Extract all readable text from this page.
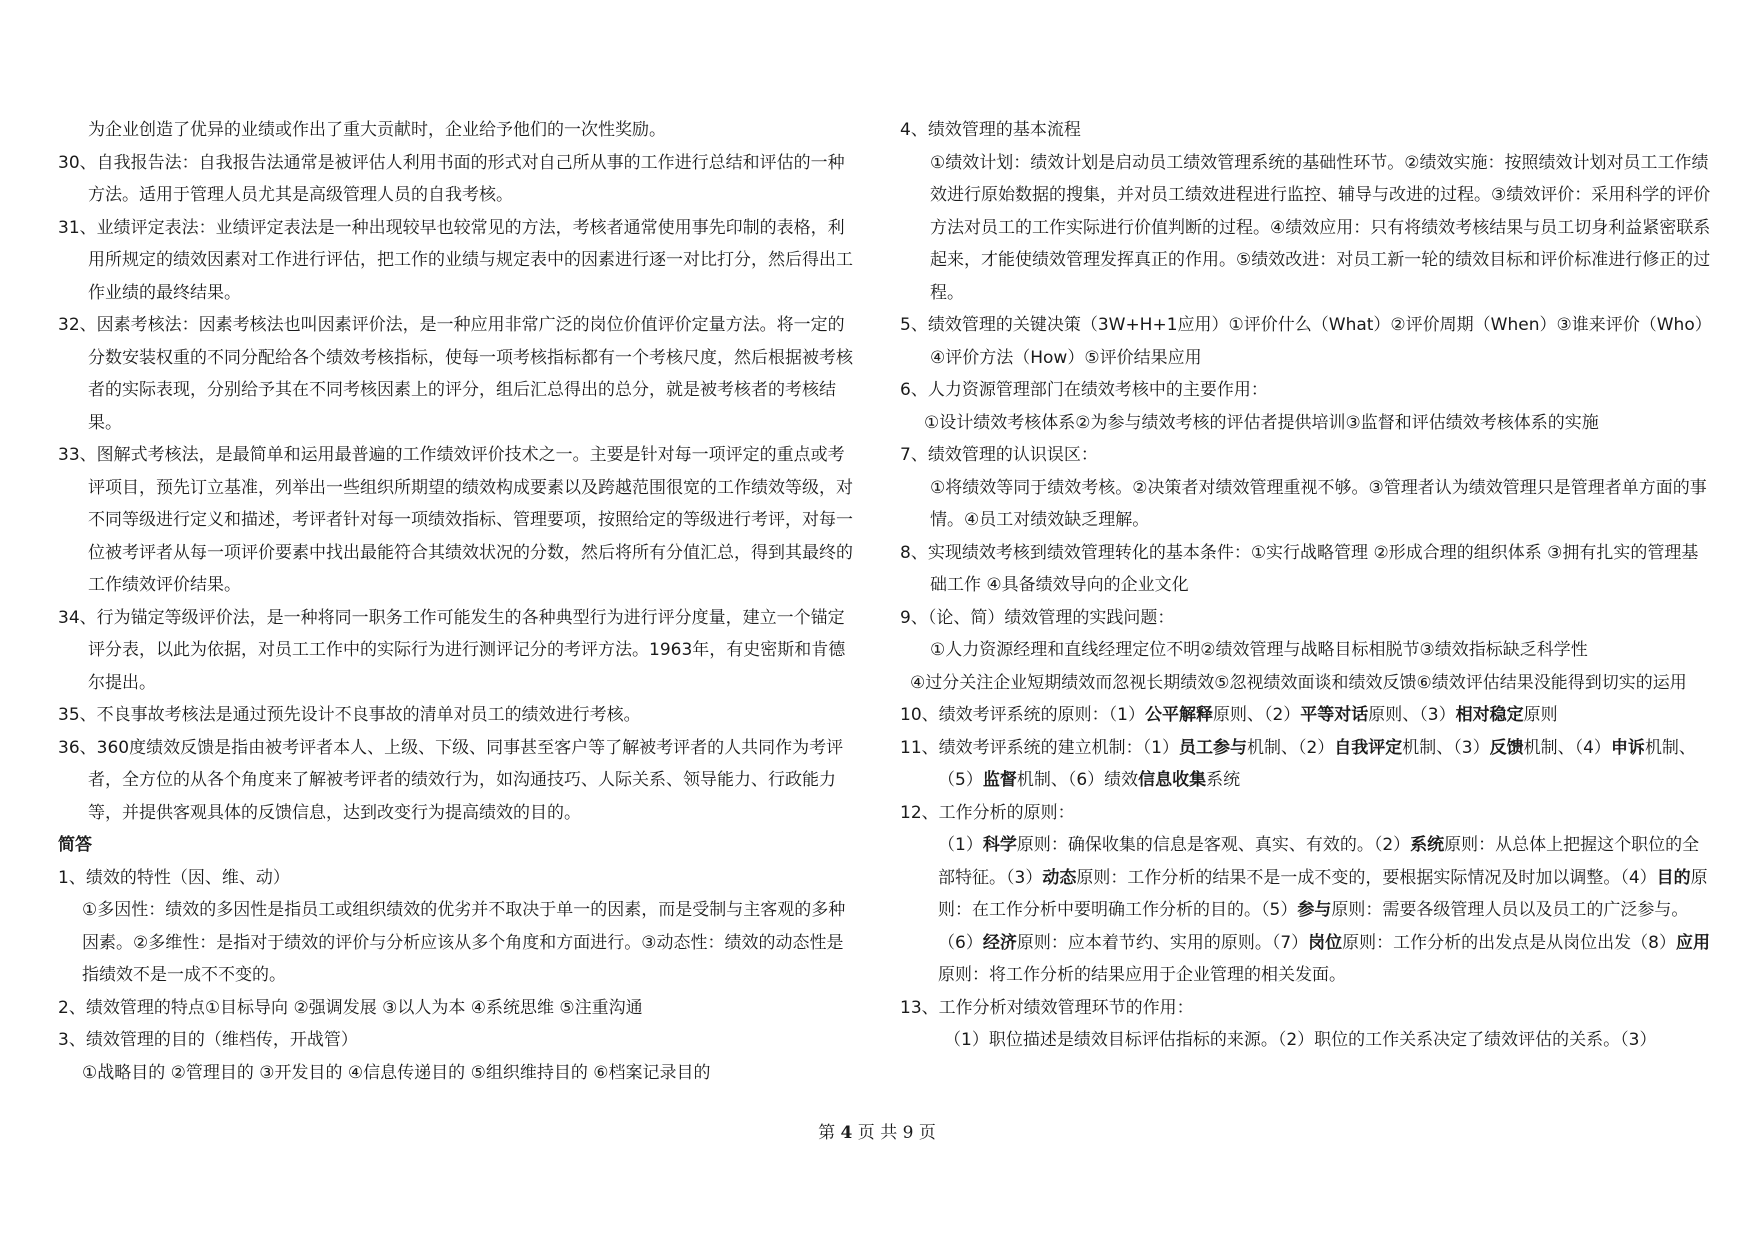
为企业创造了优异的业绩或作出了重大贡献时，企业给予他们的一次性奖励。

30、自我报告法：自我报告法通常是被评估人利用书面的形式对自己所从事的工作进行总结和评估的一种方法。适用于管理人员尤其是高级管理人员的自我考核。

31、业绩评定表法：业绩评定表法是一种出现较早也较常见的方法，考核者通常使用事先印制的表格，利用所规定的绩效因素对工作进行评估，把工作的业绩与规定表中的因素进行逐一对比打分，然后得出工作业绩的最终结果。

32、因素考核法：因素考核法也叫因素评价法，是一种应用非常广泛的岗位价值评价定量方法。将一定的分数安装权重的不同分配给各个绩效考核指标，使每一项考核指标都有一个考核尺度，然后根据被考核者的实际表现，分别给予其在不同考核因素上的评分，组后汇总得出的总分，就是被考核者的考核结果。

33、图解式考核法，是最简单和运用最普遍的工作绩效评价技术之一。主要是针对每一项评定的重点或考评项目，预先订立基准，列举出一些组织所期望的绩效构成要素以及跨越范围很宽的工作绩效等级，对不同等级进行定义和描述，考评者针对每一项绩效指标、管理要项，按照给定的等级进行考评，对每一位被考评者从每一项评价要素中找出最能符合其绩效状况的分数，然后将所有分值汇总，得到其最终的工作绩效评价结果。

34、行为锚定等级评价法，是一种将同一职务工作可能发生的各种典型行为进行评分度量，建立一个锚定评分表，以此为依据，对员工工作中的实际行为进行测评记分的考评方法。1963年，有史密斯和肯德尔提出。

35、不良事故考核法是通过预先设计不良事故的清单对员工的绩效进行考核。

36、360度绩效反馈是指由被考评者本人、上级、下级、同事甚至客户等了解被考评者的人共同作为考评者，全方位的从各个角度来了解被考评者的绩效行为，如沟通技巧、人际关系、领导能力、行政能力等，并提供客观具体的反馈信息，达到改变行为提高绩效的目的。

简答

1、绩效的特性（因、维、动）

①多因性：绩效的多因性是指员工或组织绩效的优劣并不取决于单一的因素，而是受制与主客观的多种因素。②多维性：是指对于绩效的评价与分析应该从多个角度和方面进行。③动态性：绩效的动态性是指绩效不是一成不不变的。

2、绩效管理的特点①目标导向 ②强调发展 ③以人为本 ④系统思维 ⑤注重沟通

3、绩效管理的目的（维档传，开战管）

①战略目的 ②管理目的 ③开发目的 ④信息传递目的 ⑤组织维持目的 ⑥档案记录目的

4、绩效管理的基本流程

①绩效计划：绩效计划是启动员工绩效管理系统的基础性环节。②绩效实施：按照绩效计划对员工工作绩效进行原始数据的搜集，并对员工绩效进程进行监控、辅导与改进的过程。③绩效评价：采用科学的评价方法对员工的工作实际进行价值判断的过程。④绩效应用：只有将绩效考核结果与员工切身利益紧密联系起来，才能使绩效管理发挥真正的作用。⑤绩效改进：对员工新一轮的绩效目标和评价标准进行修正的过程。

5、绩效管理的关键决策（3W+H+1应用）①评价什么（What）②评价周期（When）③谁来评价（Who）④评价方法（How）⑤评价结果应用

6、人力资源管理部门在绩效考核中的主要作用：

①设计绩效考核体系②为参与绩效考核的评估者提供培训③监督和评估绩效考核体系的实施

7、绩效管理的认识误区：

①将绩效等同于绩效考核。②决策者对绩效管理重视不够。③管理者认为绩效管理只是管理者单方面的事情。④员工对绩效缺乏理解。

8、实现绩效考核到绩效管理转化的基本条件：①实行战略管理 ②形成合理的组织体系 ③拥有扎实的管理基础工作 ④具备绩效导向的企业文化

9、（论、简）绩效管理的实践问题：

①人力资源经理和直线经理定位不明②绩效管理与战略目标相脱节③绩效指标缺乏科学性

④过分关注企业短期绩效而忽视长期绩效⑤忽视绩效面谈和绩效反馈⑥绩效评估结果没能得到切实的运用

10、绩效考评系统的原则：（1）公平解释原则、（2）平等对话原则、（3）相对稳定原则

11、绩效考评系统的建立机制：（1）员工参与机制、（2）自我评定机制、（3）反馈机制、（4）申诉机制、（5）监督机制、（6）绩效信息收集系统

12、工作分析的原则：

（1）科学原则：确保收集的信息是客观、真实、有效的。（2）系统原则：从总体上把握这个职位的全部特征。（3）动态原则：工作分析的结果不是一成不变的，要根据实际情况及时加以调整。（4）目的原则：在工作分析中要明确工作分析的目的。（5）参与原则：需要各级管理人员以及员工的广泛参与。（6）经济原则：应本着节约、实用的原则。（7）岗位原则：工作分析的出发点是从岗位出发（8）应用原则：将工作分析的结果应用于企业管理的相关发面。

13、工作分析对绩效管理环节的作用：

（1）职位描述是绩效目标评估指标的来源。（2）职位的工作关系决定了绩效评估的关系。（3）

第 4 页 共 9 页
